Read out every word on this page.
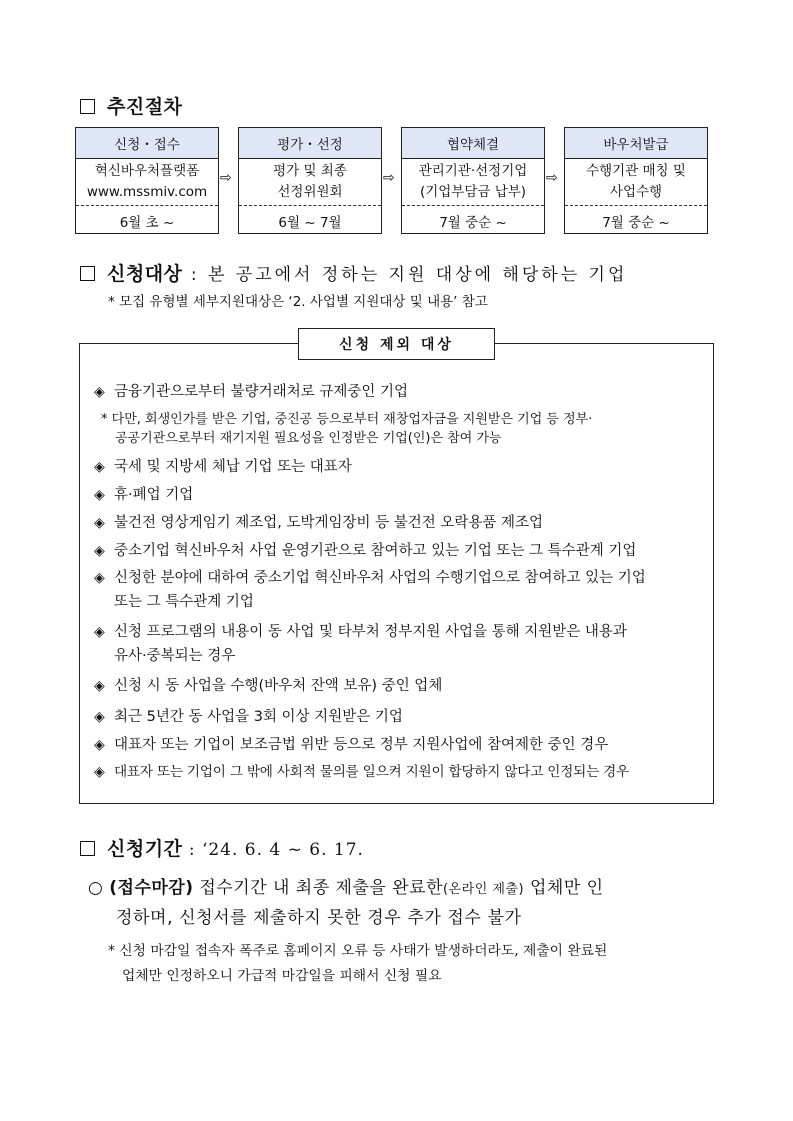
추진절차
신청・접수
혁신바우처플랫폼
www.mssmiv.com
6월 초 ~
⇨
평가・선정
평가 및 최종
선정위원회
6월 ~ 7월
⇨
협약체결
관리기관·선정기업
(기업부담금 납부)
7월 중순 ~
⇨
바우처발급
수행기관 매칭 및
사업수행
7월 중순 ~
신청대상 : 본 공고에서 정하는 지원 대상에 해당하는 기업
* 모집 유형별 세부지원대상은 ‘2. 사업별 지원대상 및 내용’ 참고
신청 제외 대상
◈ 금융기관으로부터 불량거래처로 규제중인 기업
* 다만, 회생인가를 받은 기업, 중진공 등으로부터 재창업자금을 지원받은 기업 등 정부·
공공기관으로부터 재기지원 필요성을 인정받은 기업(인)은 참여 가능
◈ 국세 및 지방세 체납 기업 또는 대표자
◈ 휴·폐업 기업
◈ 불건전 영상게임기 제조업, 도박게임장비 등 불건전 오락용품 제조업
◈ 중소기업 혁신바우처 사업 운영기관으로 참여하고 있는 기업 또는 그 특수관계 기업
◈ 신청한 분야에 대하여 중소기업 혁신바우처 사업의 수행기업으로 참여하고 있는 기업
또는 그 특수관계 기업
◈ 신청 프로그램의 내용이 동 사업 및 타부처 정부지원 사업을 통해 지원받은 내용과
유사·중복되는 경우
◈ 신청 시 동 사업을 수행(바우처 잔액 보유) 중인 업체
◈ 최근 5년간 동 사업을 3회 이상 지원받은 기업
◈ 대표자 또는 기업이 보조금법 위반 등으로 정부 지원사업에 참여제한 중인 경우
◈ 대표자 또는 기업이 그 밖에 사회적 물의를 일으켜 지원이 합당하지 않다고 인정되는 경우
신청기간 : ‘24. 6. 4 ~ 6. 17.
○ (접수마감) 접수기간 내 최종 제출을 완료한(온라인 제출) 업체만 인
정하며, 신청서를 제출하지 못한 경우 추가 접수 불가
* 신청 마감일 접속자 폭주로 홈페이지 오류 등 사태가 발생하더라도, 제출이 완료된
업체만 인정하오니 가급적 마감일을 피해서 신청 필요
